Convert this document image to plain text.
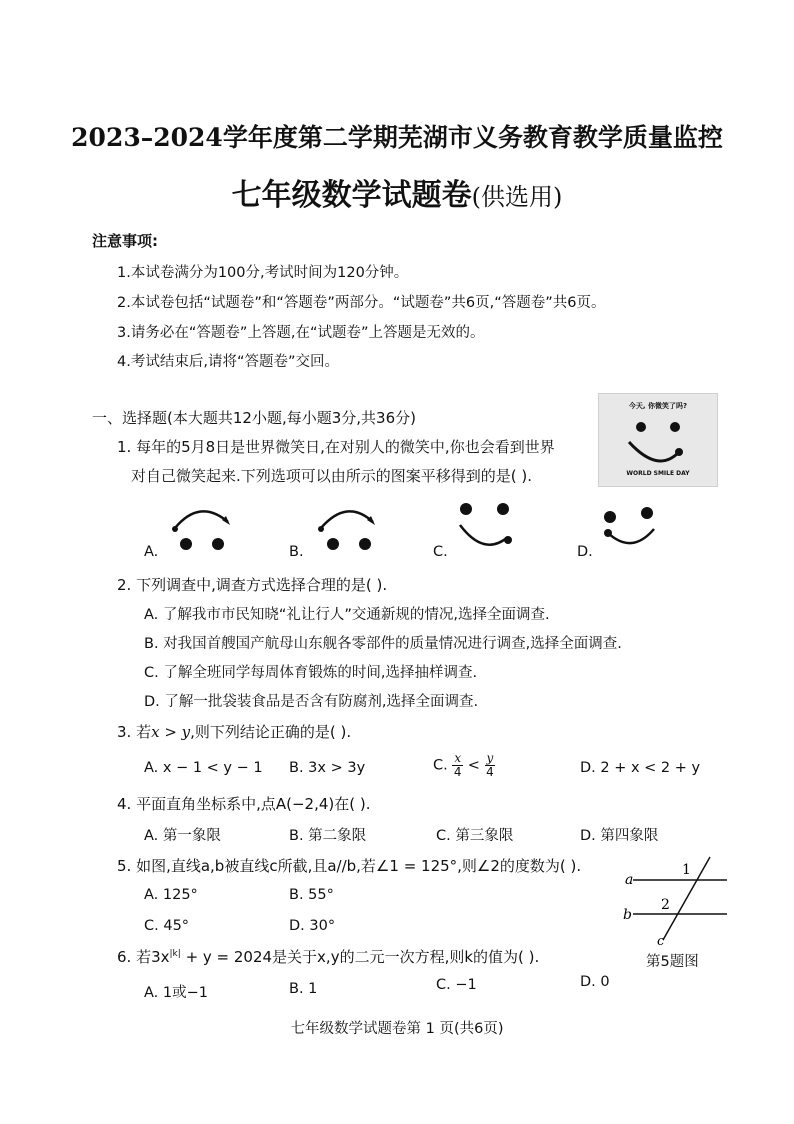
2023–2024学年度第二学期芜湖市义务教育教学质量监控
七年级数学试题卷(供选用)
注意事项:
1.本试卷满分为100分,考试时间为120分钟。
2.本试卷包括“试题卷”和“答题卷”两部分。“试题卷”共6页,“答题卷”共6页。
3.请务必在“答题卷”上答题,在“试题卷”上答题是无效的。
4.考试结束后,请将“答题卷”交回。
一、选择题(本大题共12小题,每小题3分,共36分)
1. 每年的5月8日是世界微笑日,在对别人的微笑中,你也会看到世界
对自己微笑起来.下列选项可以由所示的图案平移得到的是( ).
今天, 你微笑了吗?
WORLD SMILE DAY
A.	B.	C.	D.
2. 下列调查中,调查方式选择合理的是( ).
A. 了解我市市民知晓“礼让行人”交通新规的情况,选择全面调查.
B. 对我国首艘国产航母山东舰各零部件的质量情况进行调查,选择全面调查.
C. 了解全班同学每周体育锻炼的时间,选择抽样调查.
D. 了解一批袋装食品是否含有防腐剂,选择全面调查.
3. 若x > y,则下列结论正确的是( ).
A. x − 1 < y − 1 B. 3x > 3y	C. $\frac{x}{4} < \frac{y}{4}$	D. 2 + x < 2 + y
4. 平面直角坐标系中,点A(−2,4)在( ).
A. 第一象限	B. 第二象限	C. 第三象限	D. 第四象限
5. 如图,直线a,b被直线c所截,且a//b,若∠1 = 125°,则∠2的度数为( ).
A. 125°	B. 55°
C. 45°	D. 30°
a
b
c
1
2
第5题图
6. 若$3x^{|k|} + y = 2024$是关于x,y的二元一次方程,则k的值为( ).
A. 1或−1	B. 1	C. −1	D. 0
七年级数学试题卷第 1 页(共6页)
